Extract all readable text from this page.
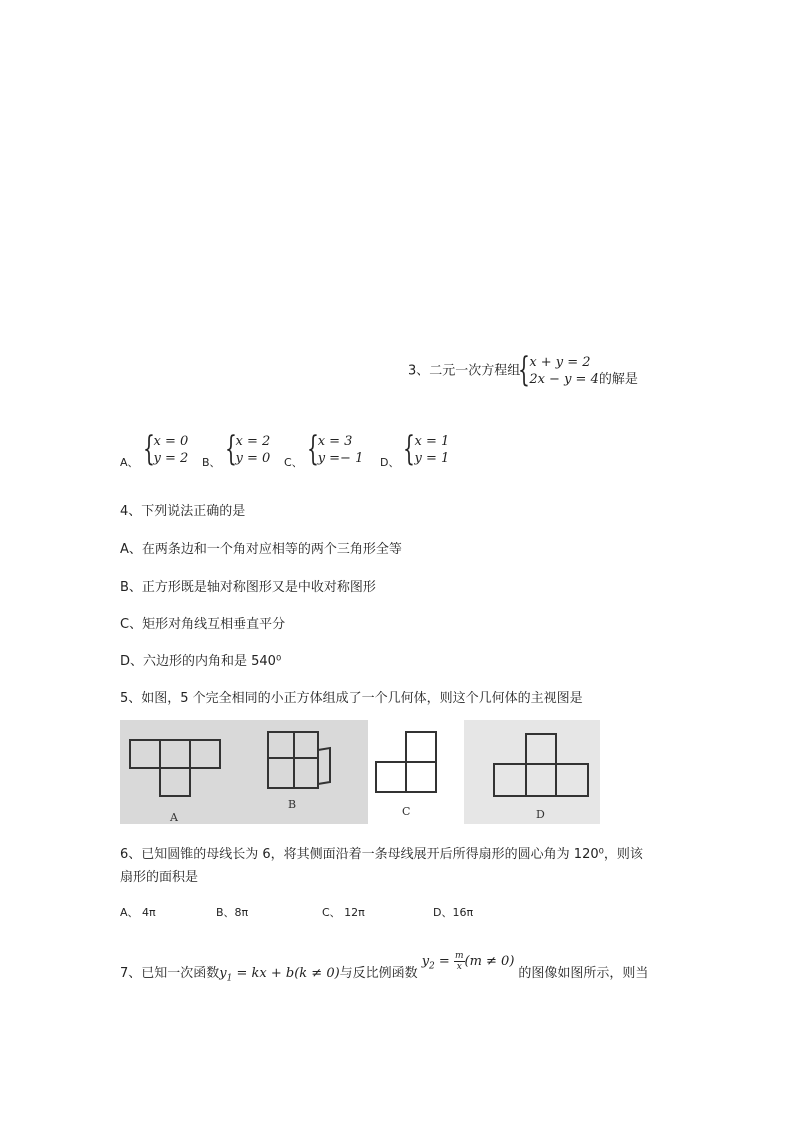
3、二元一次方程组
{ x + y = 2
2x − y = 4 的解是
$_{A、}$
{ x = 0
y = 2 $_{B、}$
{ x = 2
y = 0 $_{C、}$
{ x = 3
y =− 1 $_{D、}$
{ x = 1
y = 1
4、下列说法正确的是
A、在两条边和一个角对应相等的两个三角形全等
B、正方形既是轴对称图形又是中收对称图形
C、矩形对角线互相垂直平分
D、六边形的内角和是 540⁰
5、如图，5 个完全相同的小正方体组成了一个几何体，则这个几何体的主视图是
A
B
C	D
6、已知圆锥的母线长为 6，将其侧面沿着一条母线展开后所得扇形的圆心角为 120⁰，则该
扇形的面积是
A、 4π	B、8π	C、 12π	D、16π
7、已知一次函数$y_1$ = kx + b(k ≠ 0)与反比例函数$y_2 = \frac{m}{x} (m \ne 0)$的图像如图所示，则当
